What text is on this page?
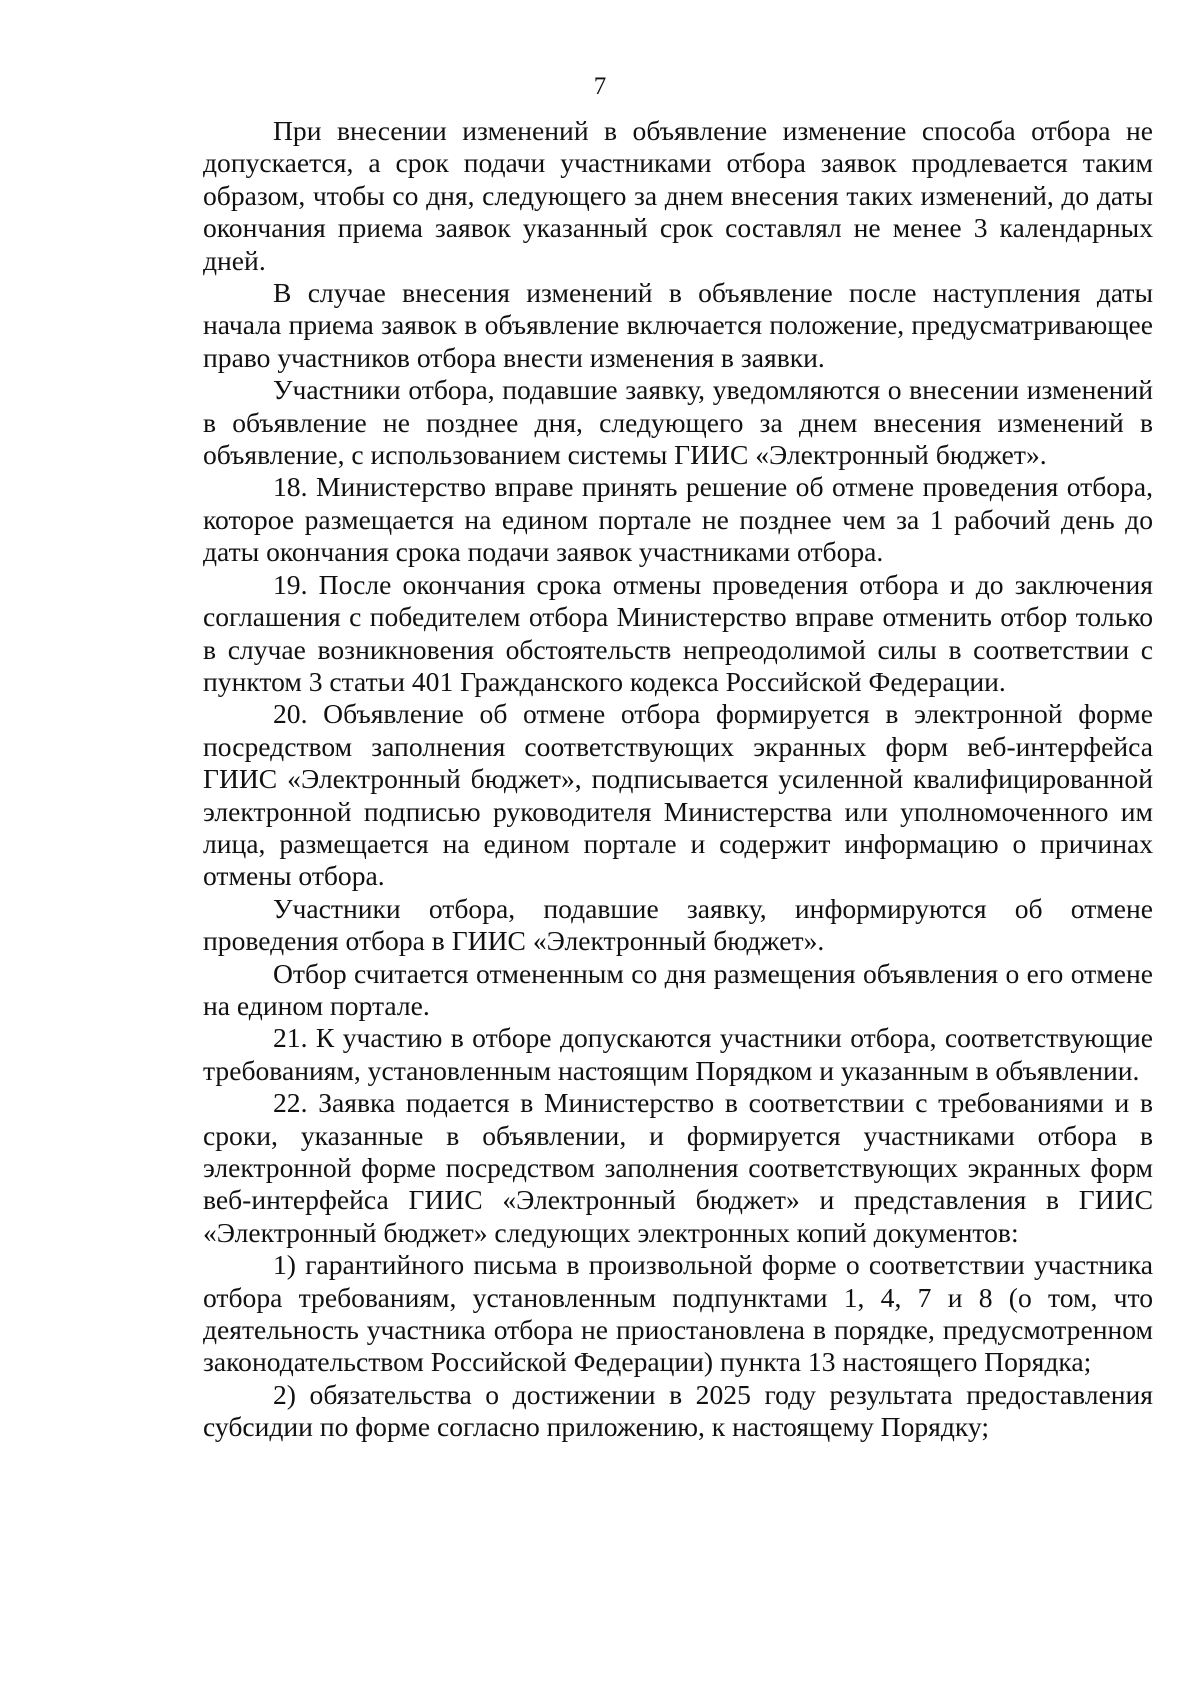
7

При внесении изменений в объявление изменение способа отбора не допускается, а срок подачи участниками отбора заявок продлевается таким образом, чтобы со дня, следующего за днем внесения таких изменений, до даты окончания приема заявок указанный срок составлял не менее 3 календарных дней.

В случае внесения изменений в объявление после наступления даты начала приема заявок в объявление включается положение, предусматривающее право участников отбора внести изменения в заявки.

Участники отбора, подавшие заявку, уведомляются о внесении изменений в объявление не позднее дня, следующего за днем внесения изменений в объявление, с использованием системы ГИИС «Электронный бюджет».

18. Министерство вправе принять решение об отмене проведения отбора, которое размещается на едином портале не позднее чем за 1 рабочий день до даты окончания срока подачи заявок участниками отбора.

19. После окончания срока отмены проведения отбора и до заключения соглашения с победителем отбора Министерство вправе отменить отбор только в случае возникновения обстоятельств непреодолимой силы в соответствии с пунктом 3 статьи 401 Гражданского кодекса Российской Федерации.

20. Объявление об отмене отбора формируется в электронной форме посредством заполнения соответствующих экранных форм веб-интерфейса ГИИС «Электронный бюджет», подписывается усиленной квалифицированной электронной подписью руководителя Министерства или уполномоченного им лица, размещается на едином портале и содержит информацию о причинах отмены отбора.

Участники отбора, подавшие заявку, информируются об отмене проведения отбора в ГИИС «Электронный бюджет».

Отбор считается отмененным со дня размещения объявления о его отмене на едином портале.

21. К участию в отборе допускаются участники отбора, соответствующие требованиям, установленным настоящим Порядком и указанным в объявлении.

22. Заявка подается в Министерство в соответствии с требованиями и в сроки, указанные в объявлении, и формируется участниками отбора в электронной форме посредством заполнения соответствующих экранных форм веб-интерфейса ГИИС «Электронный бюджет» и представления в ГИИС «Электронный бюджет» следующих электронных копий документов:

1) гарантийного письма в произвольной форме о соответствии участника отбора требованиям, установленным подпунктами 1, 4, 7 и 8 (о том, что деятельность участника отбора не приостановлена в порядке, предусмотренном законодательством Российской Федерации) пункта 13 настоящего Порядка;

2) обязательства о достижении в 2025 году результата предоставления субсидии по форме согласно приложению, к настоящему Порядку;
